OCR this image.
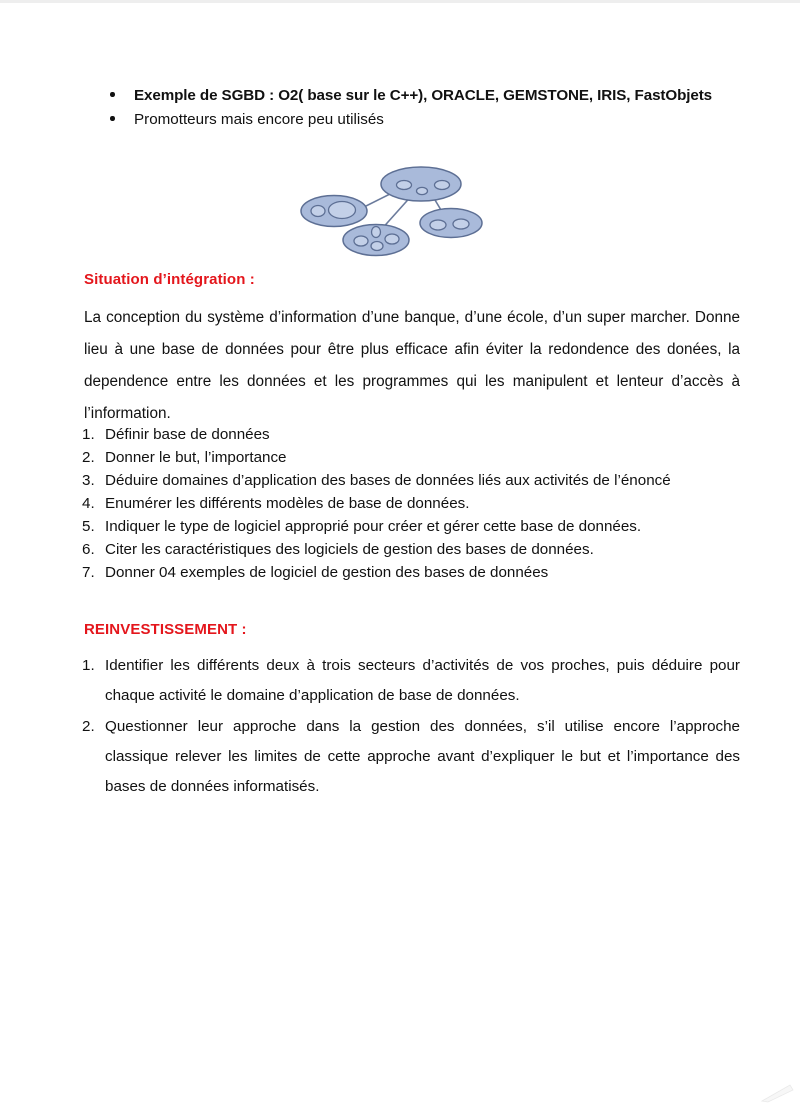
Exemple de SGBD : O2( base sur le C++), ORACLE, GEMSTONE, IRIS, FastObjets
Promotteurs mais encore peu utilisés
Situation d’intégration :
La conception du système d’information d’une banque, d’une école, d’un super marcher. Donne lieu à une base de données pour être plus efficace afin éviter la redondence des donées, la dependence entre les données et les programmes qui les manipulent et lenteur d’accès à l’information.
1. Définir base de données
2. Donner le but, l’importance
3. Déduire domaines d’application des bases de données liés aux activités de l’énoncé
4. Enumérer les différents modèles de base de données.
5. Indiquer le type de logiciel approprié pour créer et gérer cette base de données.
6. Citer les caractéristiques des logiciels de gestion des bases de données.
7. Donner 04 exemples de logiciel de gestion des bases de données
REINVESTISSEMENT :
1. Identifier les différents deux à trois secteurs d’activités de vos proches, puis déduire pour chaque activité le domaine d’application de base de données.
2. Questionner leur approche dans la gestion des données, s’il utilise encore l’approche classique relever les limites de cette approche avant d’expliquer le but et l’importance des bases de données informatisés.
